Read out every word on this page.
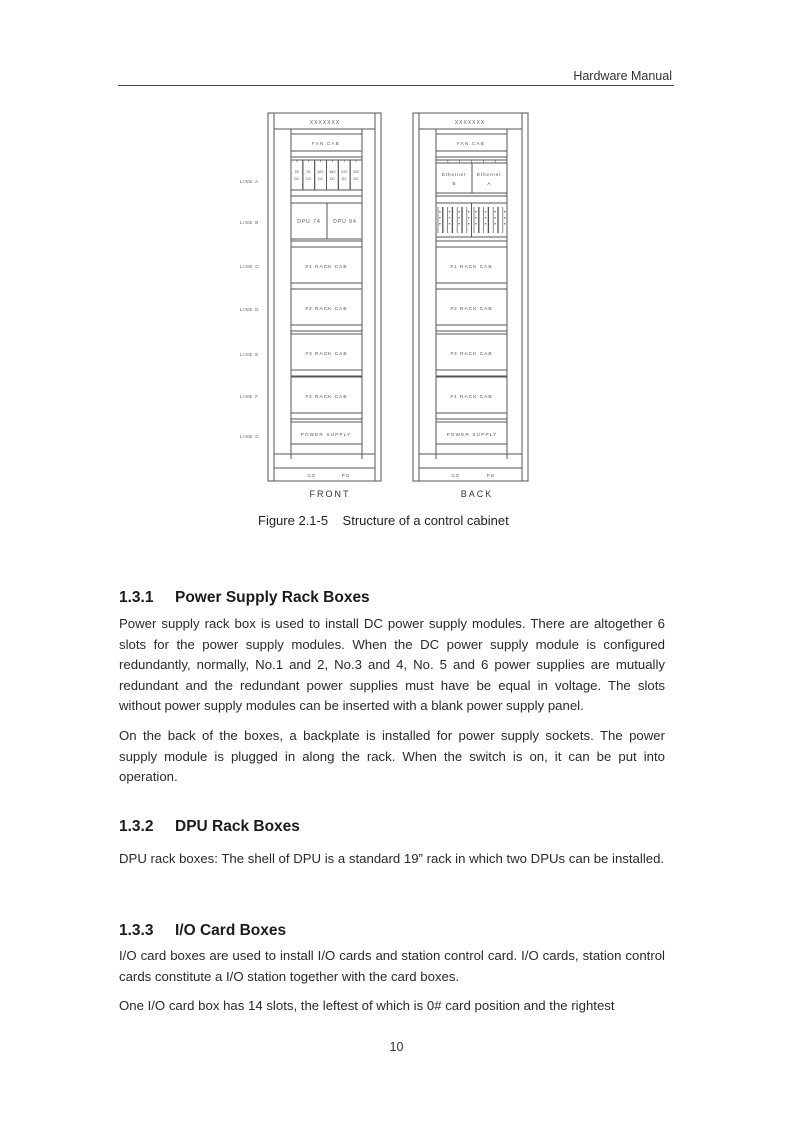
Hardware Manual
LINE A
LINE B
LINE C
LINE D
LINE E
LINE F
LINE G
XXXXXXX
FAN CAB
5V
DC
5V
DC
48V
DC
48V
DC
24V
DC
24V
DC
DPU 74 DPU 94
#1 RACK CAB
#2 RACK CAB
#3 RACK CAB
#4 RACK CAB
POWER SUPPLY
CG	PG
FRONT
XXXXXXX
FAN CAB
Ethernet
B
Ethernet
A
#1 RACK CAB
#2 RACK CAB
#3 RACK CAB
#4 RACK CAB
POWER SUPPLY
CG	PG
BACK
Figure 2.1-5    Structure of a control cabinet
1.3.1 Power Supply Rack Boxes

Power supply rack box is used to install DC power supply modules. There are altogether 6 slots for the power supply modules. When the DC power supply module is configured redundantly, normally, No.1 and 2, No.3 and 4, No. 5 and 6 power supplies are mutually redundant and the redundant power supplies must have be equal in voltage. The slots without power supply modules can be inserted with a blank power supply panel.

On the back of the boxes, a backplate is installed for power supply sockets. The power supply module is plugged in along the rack. When the switch is on, it can be put into operation.

1.3.2 DPU Rack Boxes

DPU rack boxes: The shell of DPU is a standard 19” rack in which two DPUs can be installed.

1.3.3 I/O Card Boxes

I/O card boxes are used to install I/O cards and station control card. I/O cards, station control cards constitute a I/O station together with the card boxes.

One I/O card box has 14 slots, the leftest of which is 0# card position and the rightest

10
